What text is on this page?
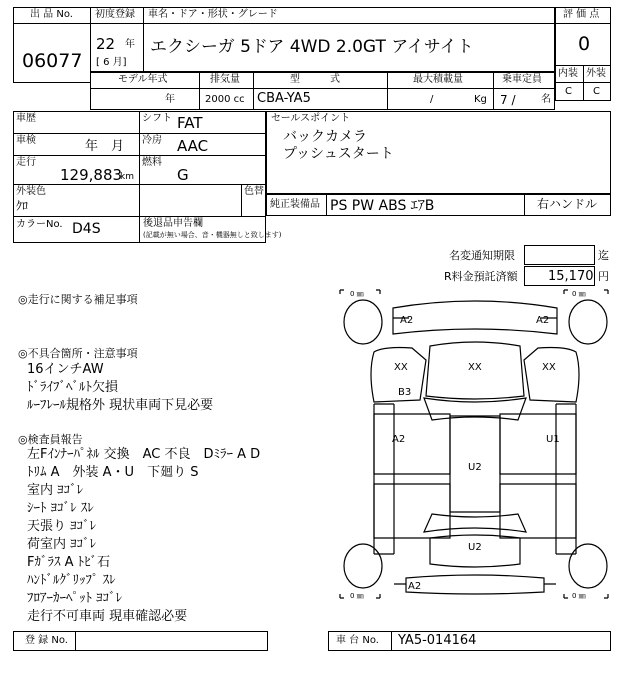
出 品 No.
06077
初度登録 車名・ドア・形状・グレード
22 年
[ 6 月]
エクシーガ 5ドア 4WD 2.0GT アイサイト
評 価 点
0
内装 外装
C C
モデル年式
年
排気量
2000 cc
型　　　式
CBA-YA5
最大積載量
/	Kg
乗車定員
7 /	名
車歴	シフト FAT
車検	年　月 冷房 AAC
走行
129,883
km
燃料
G
外装色
ｸﾛ
色替
カラーNo. D4S	後退品申告欄
(記載が無い場合、音・機器無しと致します)
セールスポイント
バックカメラ
プッシュスタート
純正装備品 PS PW ABS ｴｱB	右ハンドル
名変通知期限	迄
R料金預託済額 15,170 円
◎走行に関する補足事項
◎不具合箇所・注意事項
16インチAW
ﾄﾞﾗｲﾌﾞﾍﾞﾙﾄ欠損
ﾙｰﾌﾚｰﾙ規格外 現状車両下見必要
◎検査員報告
左Fｲﾝﾅｰﾊﾟﾈﾙ 交換　AC 不良　Dﾐﾗｰ A D
ﾄﾘﾑ A　外装 A・U　下廻り S
室内 ﾖｺﾞﾚ
ｼｰﾄ ﾖｺﾞﾚ ｽﾚ
天張り ﾖｺﾞﾚ
荷室内 ﾖｺﾞﾚ
Fｶﾞﾗｽ A ﾄﾋﾞ石
ﾊﾝﾄﾞﾙｸﾞﾘｯﾌﾟ ｽﾚ
ﾌﾛｱｰｶｰﾍﾟｯﾄ ﾖｺﾞﾚ
走行不可車両 現車確認必要
0 ㎜	0 ㎜
0 ㎜	0 ㎜
A2	A2
XX	XX	XX
B3
A2
U2
U1
U2
A2
登 録 No.	車 台 No. YA5-014164
